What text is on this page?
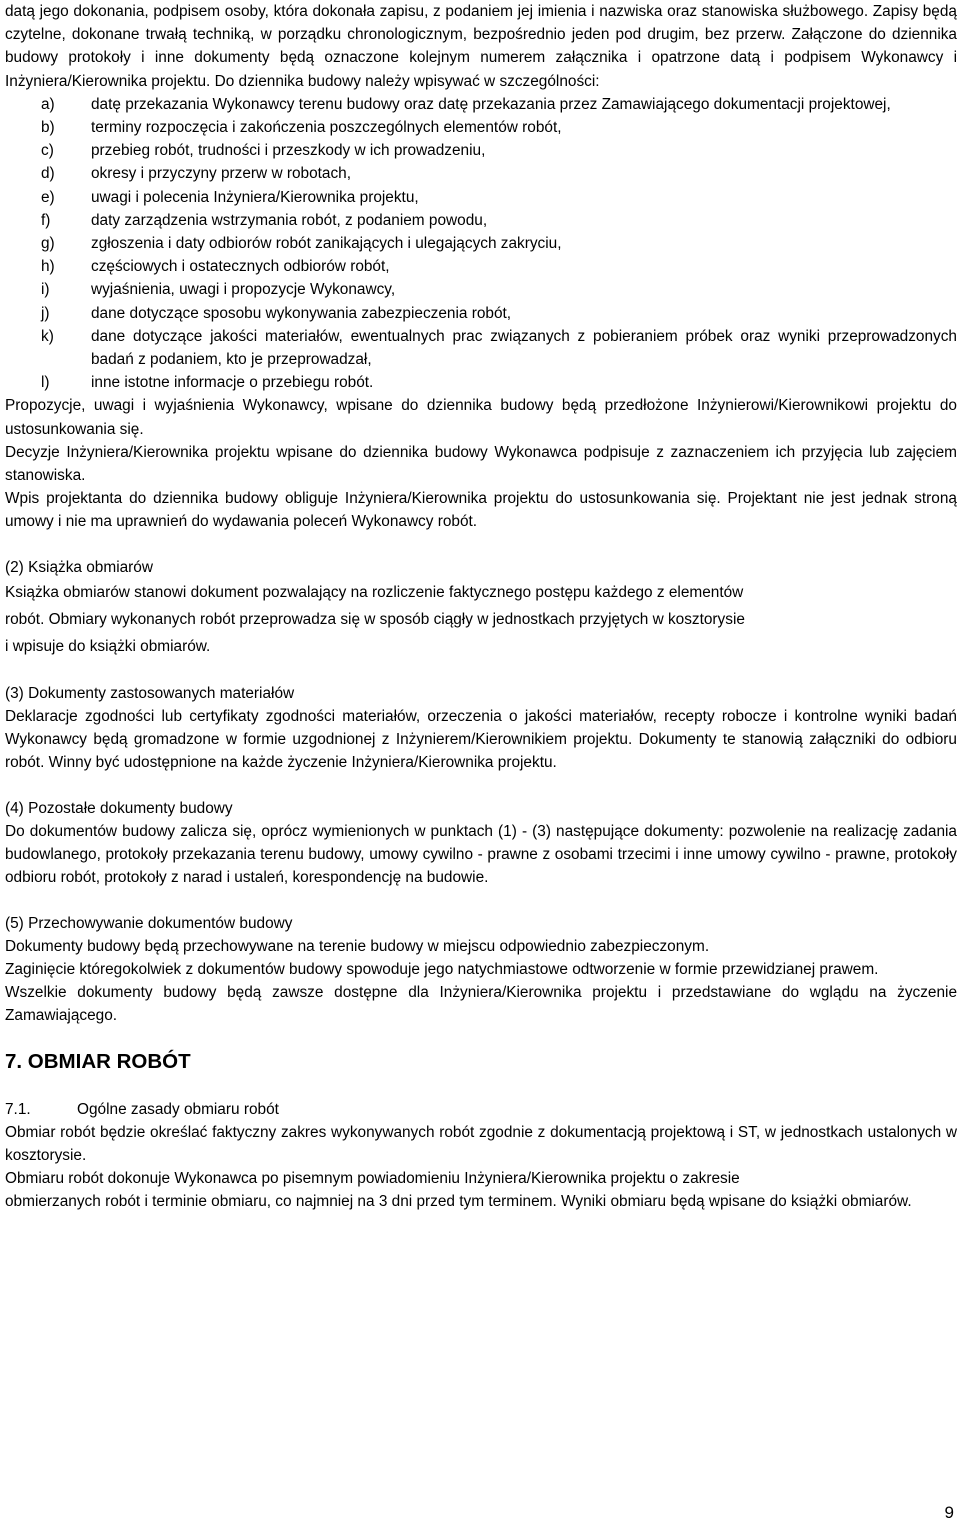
datą jego dokonania, podpisem osoby, która dokonała zapisu, z podaniem jej imienia i nazwiska oraz stanowiska służbowego. Zapisy będą czytelne, dokonane trwałą techniką, w porządku chronologicznym, bezpośrednio jeden pod drugim, bez przerw. Załączone do dziennika budowy protokoły i inne dokumenty będą oznaczone kolejnym numerem załącznika i opatrzone datą i podpisem Wykonawcy i Inżyniera/Kierownika projektu. Do dziennika budowy należy wpisywać w szczególności:

a) datę przekazania Wykonawcy terenu budowy oraz datę przekazania przez Zamawiającego dokumentacji projektowej,
b) terminy rozpoczęcia i zakończenia poszczególnych elementów robót,
c) przebieg robót, trudności i przeszkody w ich prowadzeniu,
d) okresy i przyczyny przerw w robotach,
e) uwagi i polecenia Inżyniera/Kierownika projektu,
f)	daty zarządzenia wstrzymania robót, z podaniem powodu,
g) zgłoszenia i daty odbiorów robót zanikających i ulegających zakryciu,
h) częściowych i ostatecznych odbiorów robót,
i)	wyjaśnienia, uwagi i propozycje Wykonawcy,
j)	dane dotyczące sposobu wykonywania zabezpieczenia robót,
k) dane dotyczące jakości materiałów, ewentualnych prac związanych z pobieraniem próbek oraz wyniki przeprowadzonych badań z podaniem, kto je przeprowadzał,
l)	inne istotne informacje o przebiegu robót.

Propozycje, uwagi i wyjaśnienia Wykonawcy, wpisane do dziennika budowy będą przedłożone Inżynierowi/Kierownikowi projektu do ustosunkowania się.

Decyzje Inżyniera/Kierownika projektu wpisane do dziennika budowy Wykonawca podpisuje z zaznaczeniem ich przyjęcia lub zajęciem stanowiska.

Wpis projektanta do dziennika budowy obliguje Inżyniera/Kierownika projektu do ustosunkowania się. Projektant nie jest jednak stroną umowy i nie ma uprawnień do wydawania poleceń Wykonawcy robót.

(2) Książka obmiarów

Książka obmiarów stanowi dokument pozwalający na rozliczenie faktycznego postępu każdego z elementów

robót. Obmiary wykonanych robót przeprowadza się w sposób ciągły w jednostkach przyjętych w kosztorysie

i wpisuje do książki obmiarów.

(3) Dokumenty zastosowanych materiałów

Deklaracje zgodności lub certyfikaty zgodności materiałów, orzeczenia o jakości materiałów, recepty robocze i kontrolne wyniki badań Wykonawcy będą gromadzone w formie uzgodnionej z Inżynierem/Kierownikiem projektu. Dokumenty te stanowią załączniki do odbioru robót. Winny być udostępnione na każde życzenie Inżyniera/Kierownika projektu.

(4) Pozostałe dokumenty budowy

Do dokumentów budowy zalicza się, oprócz wymienionych w punktach (1) - (3) następujące dokumenty: pozwolenie na realizację zadania budowlanego, protokoły przekazania terenu budowy, umowy cywilno - prawne z osobami trzecimi i inne umowy cywilno - prawne, protokoły odbioru robót, protokoły z narad i ustaleń, korespondencję na budowie.

(5) Przechowywanie dokumentów budowy

Dokumenty budowy będą przechowywane na terenie budowy w miejscu odpowiednio zabezpieczonym.

Zaginięcie któregokolwiek z dokumentów budowy spowoduje jego natychmiastowe odtworzenie w formie przewidzianej prawem.

Wszelkie dokumenty budowy będą zawsze dostępne dla Inżyniera/Kierownika projektu i przedstawiane do wglądu na życzenie Zamawiającego.

7. OBMIAR ROBÓT
7.1.	Ogólne zasady obmiaru robót

Obmiar robót będzie określać faktyczny zakres wykonywanych robót zgodnie z dokumentacją projektową i ST, w jednostkach ustalonych w kosztorysie.

Obmiaru robót dokonuje Wykonawca po pisemnym powiadomieniu Inżyniera/Kierownika projektu o zakresie

obmierzanych robót i terminie obmiaru, co najmniej na 3 dni przed tym terminem. Wyniki obmiaru będą wpisane do książki obmiarów.

9
